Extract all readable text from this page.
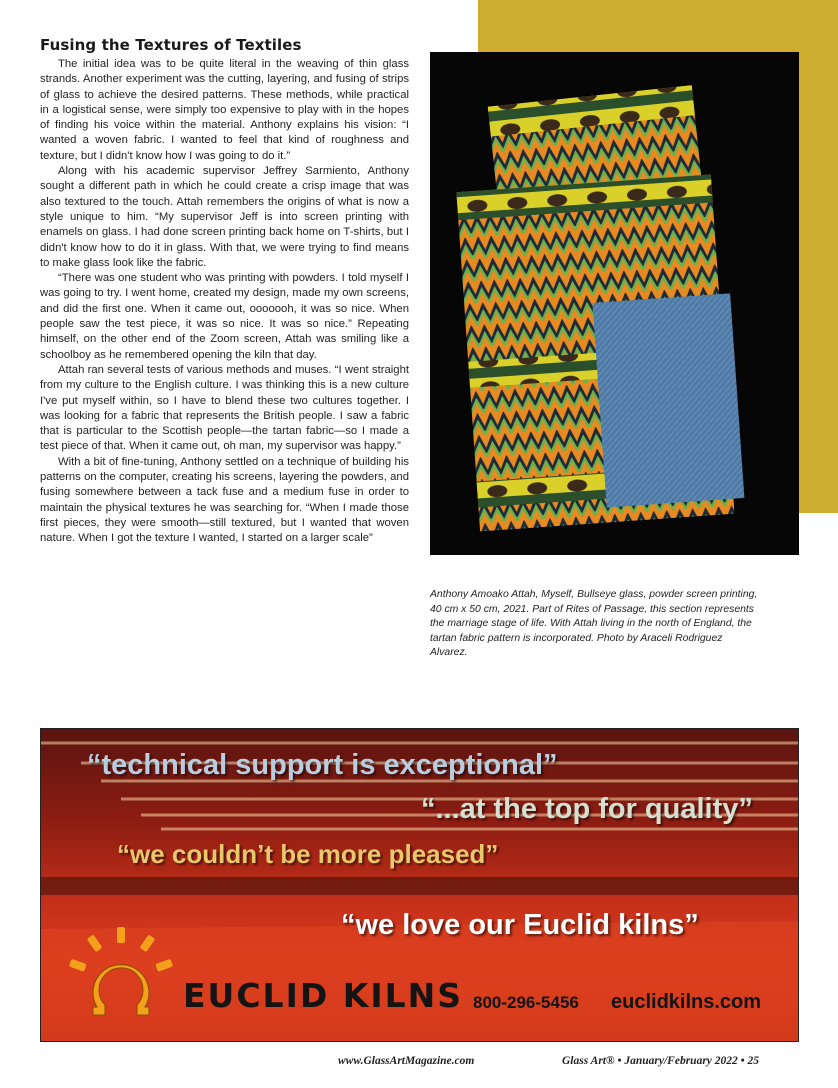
Fusing the Textures of Textiles

The initial idea was to be quite literal in the weaving of thin glass strands. Another experiment was the cutting, layering, and fusing of strips of glass to achieve the desired patterns. These methods, while practical in a logistical sense, were simply too expensive to play with in the hopes of finding his voice within the material. Anthony explains his vision: “I wanted a woven fabric. I wanted to feel that kind of roughness and texture, but I didn't know how I was going to do it.”

Along with his academic supervisor Jeffrey Sarmiento, Anthony sought a different path in which he could create a crisp image that was also textured to the touch. Attah remembers the origins of what is now a style unique to him. “My supervisor Jeff is into screen printing with enamels on glass. I had done screen printing back home on T-shirts, but I didn't know how to do it in glass. With that, we were trying to find means to make glass look like the fabric.

“There was one student who was printing with powders. I told myself I was going to try. I went home, created my design, made my own screens, and did the first one. When it came out, ooooooh, it was so nice. When people saw the test piece, it was so nice. It was so nice.” Repeating himself, on the other end of the Zoom screen, Attah was smiling like a schoolboy as he remembered opening the kiln that day.

Attah ran several tests of various methods and muses. “I went straight from my culture to the English culture. I was thinking this is a new culture I've put myself within, so I have to blend these two cultures together. I was looking for a fabric that represents the British people. I saw a fabric that is particular to the Scottish people—the tartan fabric—so I made a test piece of that. When it came out, oh man, my supervisor was happy.”

With a bit of fine-tuning, Anthony settled on a technique of building his patterns on the computer, creating his screens, layering the powders, and fusing somewhere between a tack fuse and a medium fuse in order to maintain the physical textures he was searching for. “When I made those first pieces, they were smooth—still textured, but I wanted that woven nature. When I got the texture I wanted, I started on a larger scale”

Anthony Amoako Attah, Myself, Bullseye glass, powder screen printing, 40 cm x 50 cm, 2021. Part of Rites of Passage, this section represents the marriage stage of life. With Attah living in the north of England, the tartan fabric pattern is incorporated. Photo by Araceli Rodriguez Alvarez.

“technical support is exceptional”

“...at the top for quality”

“we couldn’t be more pleased”

“we love our Euclid kilns”

EUCLID KILNS 800-296-5456 euclidkilns.com

www.GlassArtMagazine.com	Glass Art® • January/February 2022 • 25
